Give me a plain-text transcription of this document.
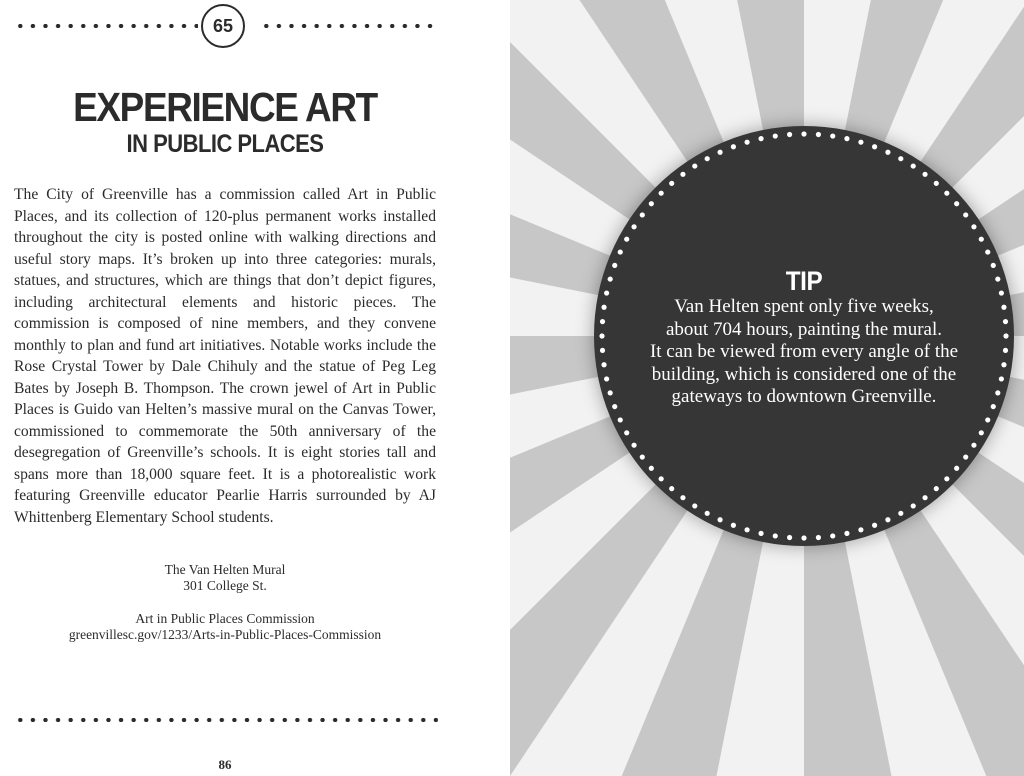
65
EXPERIENCE ART
IN PUBLIC PLACES
The City of Greenville has a commission called Art in Public Places, and its collection of 120-plus permanent works installed throughout the city is posted online with walking directions and useful story maps. It’s broken up into three categories: murals, statues, and structures, which are things that don’t depict figures, including architectural elements and historic pieces. The commission is composed of nine members, and they convene monthly to plan and fund art initiatives. Notable works include the Rose Crystal Tower by Dale Chihuly and the statue of Peg Leg Bates by Joseph B. Thompson. The crown jewel of Art in Public Places is Guido van Helten’s massive mural on the Canvas Tower, commissioned to commemorate the 50th anniversary of the desegregation of Greenville’s schools. It is eight stories tall and spans more than 18,000 square feet. It is a photorealistic work featuring Greenville educator Pearlie Harris surrounded by AJ Whittenberg Elementary School students.
The Van Helten Mural
301 College St.
Art in Public Places Commission
greenvillesc.gov/1233/Arts-in-Public-Places-Commission
86
TIP
Van Helten spent only five weeks,
about 704 hours, painting the mural.
It can be viewed from every angle of the
building, which is considered one of the
gateways to downtown Greenville.
